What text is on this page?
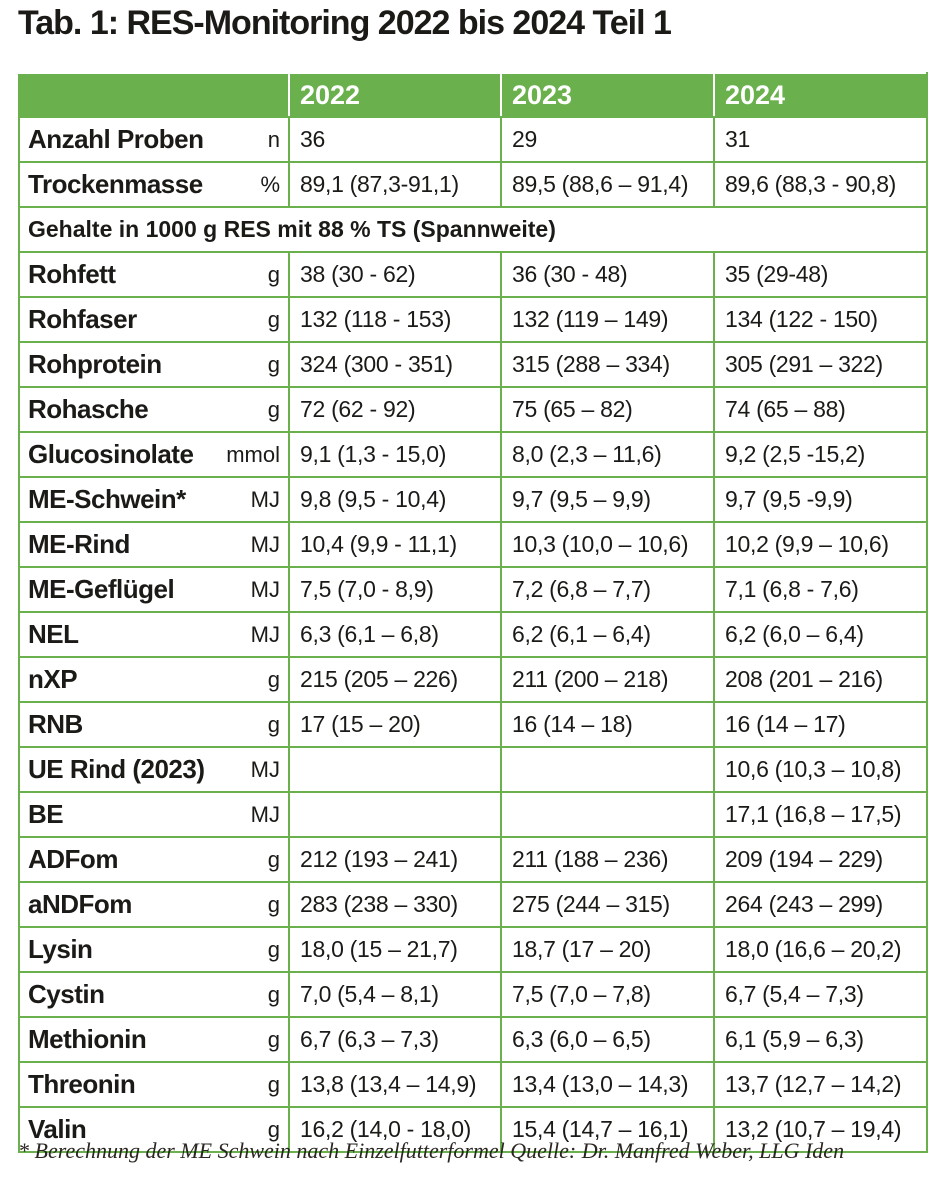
Tab. 1: RES-Monitoring 2022 bis 2024 Teil 1
	2022	2023	2024
Anzahl Proben n	36	29	31
Trockenmasse %	89,1 (87,3-91,1)	89,5 (88,6 – 91,4)	89,6 (88,3 - 90,8)
Gehalte in 1000 g RES mit 88 % TS (Spannweite)			
Rohfett g	38 (30 - 62)	36 (30 - 48)	35 (29-48)
Rohfaser g	132 (118 - 153)	132 (119 – 149)	134 (122 - 150)
Rohprotein g	324 (300 - 351)	315 (288 – 334)	305 (291 – 322)
Rohasche g	72 (62 - 92)	75 (65 – 82)	74 (65 – 88)
Glucosinolate mmol	9,1 (1,3 - 15,0)	8,0 (2,3 – 11,6)	9,2 (2,5 -15,2)
ME-Schwein* MJ	9,8 (9,5 - 10,4)	9,7 (9,5 – 9,9)	9,7 (9,5 -9,9)
ME-Rind MJ	10,4 (9,9 - 11,1)	10,3 (10,0 – 10,6)	10,2 (9,9 – 10,6)
ME-Geflügel MJ	7,5 (7,0 - 8,9)	7,2 (6,8 – 7,7)	7,1 (6,8 - 7,6)
NEL MJ	6,3 (6,1 – 6,8)	6,2 (6,1 – 6,4)	6,2 (6,0 – 6,4)
nXP g	215 (205 – 226)	211 (200 – 218)	208 (201 – 216)
RNB g	17 (15 – 20)	16 (14 – 18)	16 (14 – 17)
UE Rind (2023) MJ			10,6 (10,3 – 10,8)
BE MJ			17,1 (16,8 – 17,5)
ADFom g	212 (193 – 241)	211 (188 – 236)	209 (194 – 229)
aNDFom g	283 (238 – 330)	275 (244 – 315)	264 (243 – 299)
Lysin g	18,0 (15 – 21,7)	18,7 (17 – 20)	18,0 (16,6 – 20,2)
Cystin g	7,0 (5,4 – 8,1)	7,5 (7,0 – 7,8)	6,7 (5,4 – 7,3)
Methionin g	6,7 (6,3 – 7,3)	6,3 (6,0 – 6,5)	6,1 (5,9 – 6,3)
Threonin g	13,8 (13,4 – 14,9)	13,4 (13,0 – 14,3)	13,7 (12,7 – 14,2)
Valin g	16,2 (14,0 - 18,0)	15,4 (14,7 – 16,1)	13,2 (10,7 – 19,4)
* Berechnung der ME Schwein nach Einzelfutterformel Quelle: Dr. Manfred Weber, LLG Iden
